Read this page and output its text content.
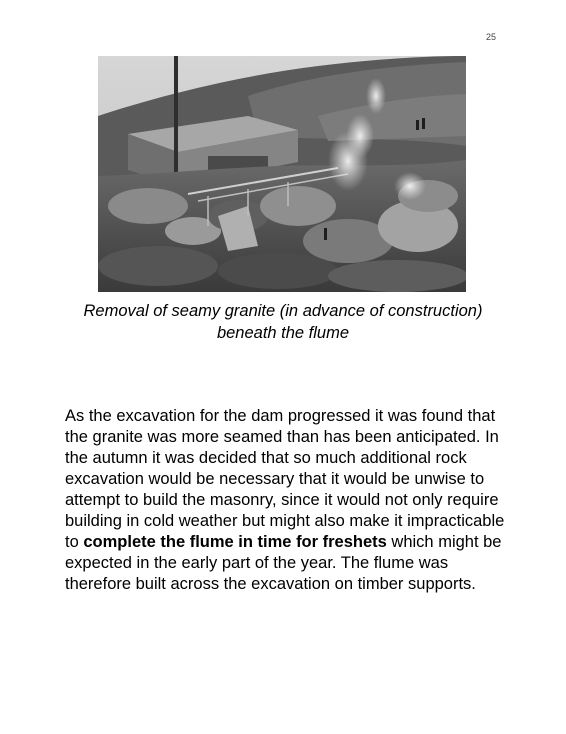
25
Removal of seamy granite (in advance of construction)
beneath the flume

As the excavation for the dam progressed it was found that the granite was more seamed than has been anticipated. In the autumn it was decided that so much additional rock excavation would be necessary that it would be unwise to attempt to build the masonry, since it would not only require building in cold weather but might also make it impracticable to complete the flume in time for freshets which might be expected in the early part of the year. The flume was therefore built across the excavation on timber supports.
